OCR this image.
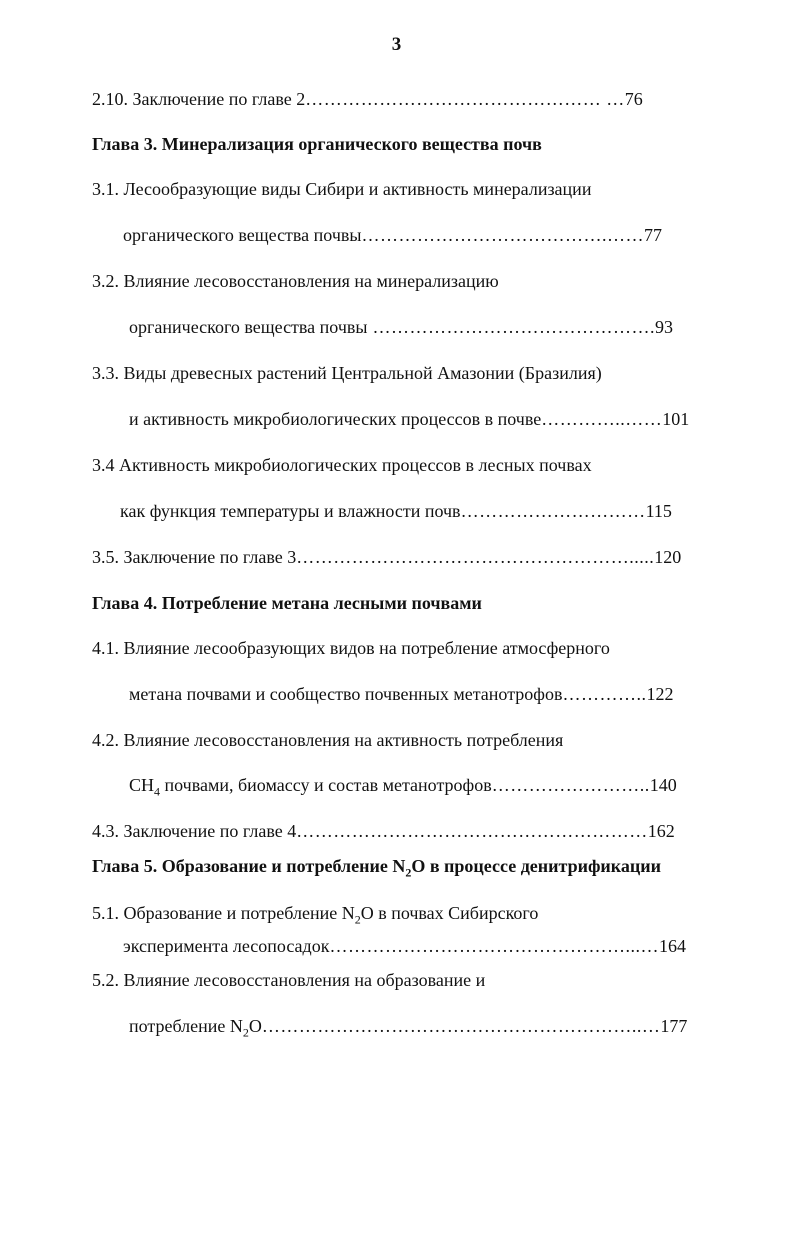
3
2.10. Заключение по главе 2………………………………………… …76
Глава 3. Минерализация органического вещества почв
3.1. Лесообразующие виды Сибири и активность минерализации
органического вещества почвы………………………………….……77
3.2. Влияние лесовосстановления на минерализацию
органического вещества почвы ……………………………………….93
3.3. Виды древесных растений Центральной Амазонии (Бразилия)
и активность микробиологических процессов в почве…………..……101
3.4 Активность микробиологических процессов в лесных почвах
как функция температуры и влажности почв…………………………115
3.5. Заключение по главе 3……………………………………………….....120
Глава 4. Потребление метана лесными почвами
4.1. Влияние лесообразующих видов на потребление атмосферного
метана почвами и сообщество почвенных метанотрофов…………..122
4.2. Влияние лесовосстановления на активность потребления
$CH_4$ почвами, биомассу и состав метанотрофов……………………..140
4.3. Заключение по главе 4…………………………………………………162
Глава 5. Образование и потребление $N_2O$ в процессе денитрификации
5.1. Образование и потребление $N_2O$ в почвах Сибирского
эксперимента лесопосадок…………………………………………...…164
5.2. Влияние лесовосстановления на образование и
потребление $N_2O\dots\dots\dots\dots\dots\dots\dots\dots\dots\dots\dots\dots\dots\dots\dots\dots\dots\dots\dots\dots..\dots 177$
